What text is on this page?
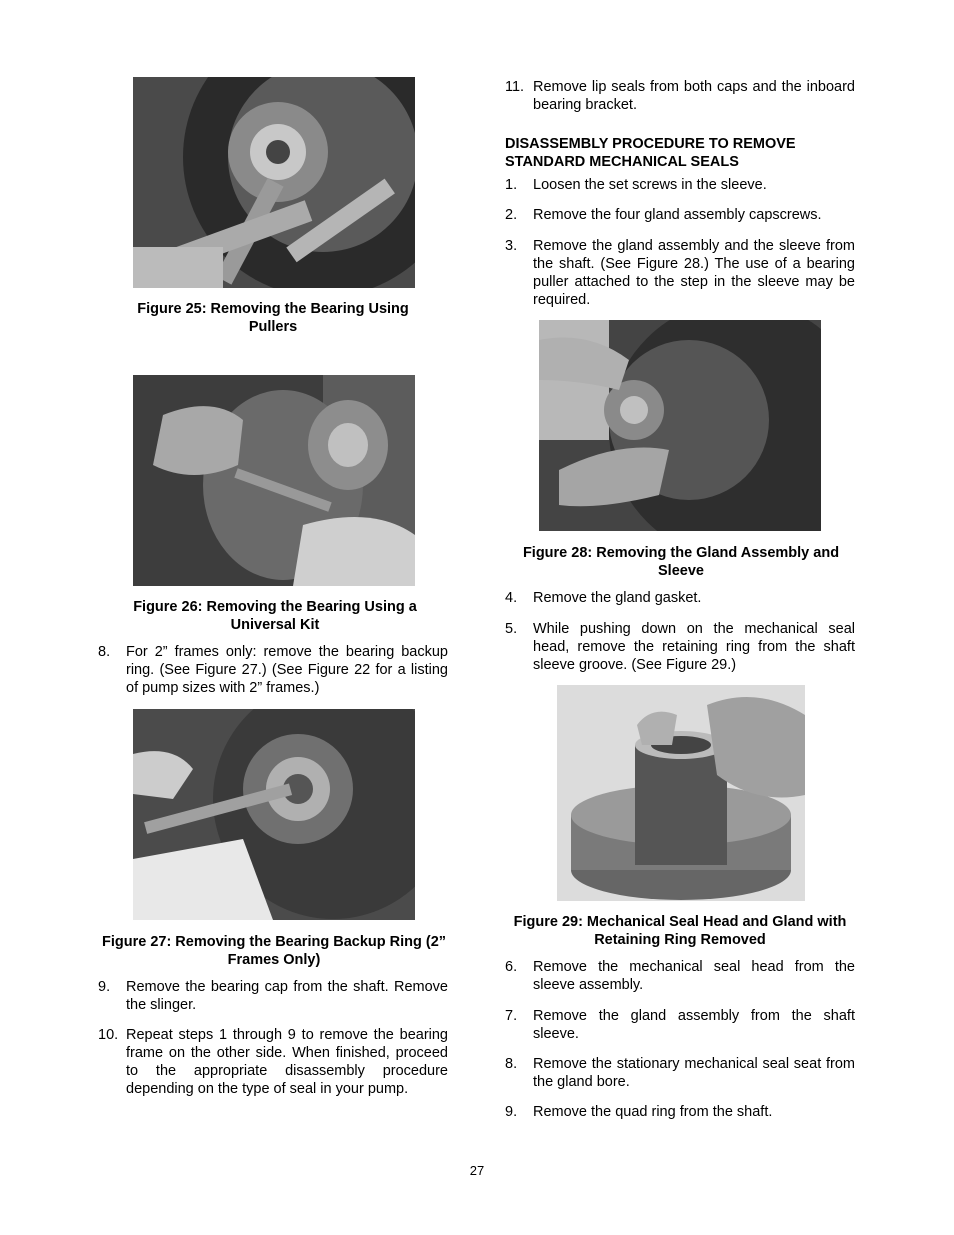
Figure 25: Removing the Bearing Using Pullers
Figure 26: Removing the Bearing Using a Universal Kit
8.	For 2” frames only: remove the bearing backup ring. (See Figure 27.) (See Figure 22 for a listing of pump sizes with 2” frames.)
Figure 27: Removing the Bearing Backup Ring (2” Frames Only)
9.	Remove the bearing cap from the shaft. Remove the slinger.
10. Repeat steps 1 through 9 to remove the bearing frame on the other side. When finished, proceed to the appropriate disassembly procedure depending on the type of seal in your pump.
11. Remove lip seals from both caps and the inboard bearing bracket.
DISASSEMBLY PROCEDURE TO REMOVE STANDARD MECHANICAL SEALS
1.	Loosen the set screws in the sleeve.
2.	Remove the four gland assembly capscrews.
3.	Remove the gland assembly and the sleeve from the shaft. (See Figure 28.) The use of a bearing puller attached to the step in the sleeve may be required.
Figure 28: Removing the Gland Assembly and Sleeve
4.	Remove the gland gasket.
5.	While pushing down on the mechanical seal head, remove the retaining ring from the shaft sleeve groove. (See Figure 29.)
Figure 29: Mechanical Seal Head and Gland with Retaining Ring Removed
6.	Remove the mechanical seal head from the sleeve assembly.
7.	Remove the gland assembly from the shaft sleeve.
8.	Remove the stationary mechanical seal seat from the gland bore.
9.	Remove the quad ring from the shaft.
27
